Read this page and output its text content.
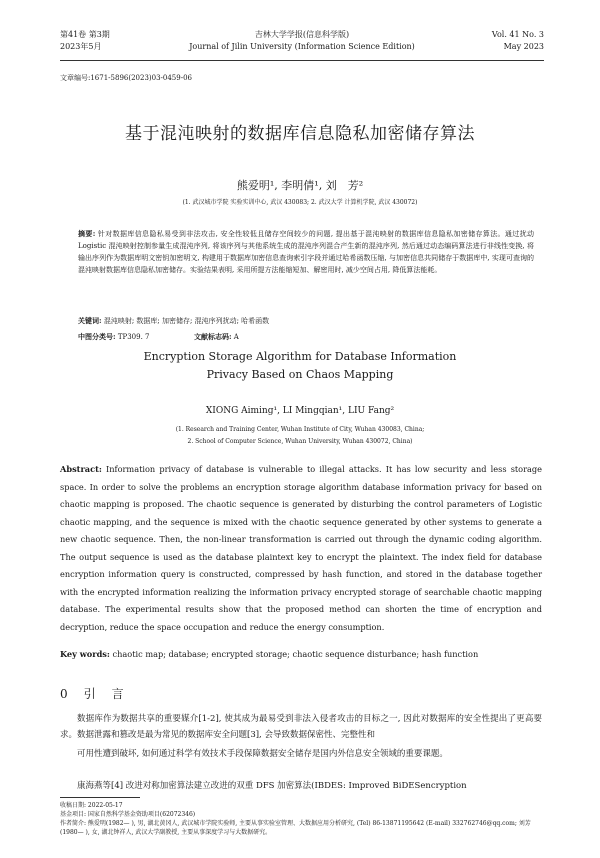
第41卷 第3期
2023年5月
吉林大学学报(信息科学版)
Journal of Jilin University (Information Science Edition)
Vol. 41 No. 3
May 2023
文章编号:1671-5896(2023)03-0459-06
基于混沌映射的数据库信息隐私加密储存算法
熊爱明¹, 李明倩¹, 刘　芳²
(1. 武汉城市学院 实验实训中心, 武汉 430083; 2. 武汉大学 计算机学院, 武汉 430072)
摘要: 针对数据库信息隐私易受到非法攻击, 安全性较低且储存空间较少的问题, 提出基于混沌映射的数据库信息隐私加密储存算法。通过扰动 Logistic 混沌映射控制参量生成混沌序列, 将该序列与其他系统生成的混沌序列混合产生新的混沌序列, 然后通过动态编码算法进行非线性变换, 将输出序列作为数据库明文密钥加密明文, 构建用于数据库加密信息查询索引字段并通过哈希函数压缩, 与加密信息共同储存于数据库中, 实现可查询的混沌映射数据库信息隐私加密储存。实验结果表明, 采用所提方法能缩短加、解密用时, 减少空间占用, 降低算法能耗。
关键词: 混沌映射; 数据库; 加密储存; 混沌序列扰动; 哈希函数
中图分类号: TP309. 7	文献标志码: A
Encryption Storage Algorithm for Database Information
Privacy Based on Chaos Mapping
XIONG Aiming¹, LI Mingqian¹, LIU Fang²
(1. Research and Training Center, Wuhan Institute of City, Wuhan 430083, China;
2. School of Computer Science, Wuhan University, Wuhan 430072, China)
Abstract: Information privacy of database is vulnerable to illegal attacks. It has low security and less storage space. In order to solve the problems an encryption storage algorithm database information privacy for based on chaotic mapping is proposed. The chaotic sequence is generated by disturbing the control parameters of Logistic chaotic mapping, and the sequence is mixed with the chaotic sequence generated by other systems to generate a new chaotic sequence. Then, the non-linear transformation is carried out through the dynamic coding algorithm. The output sequence is used as the database plaintext key to encrypt the plaintext. The index field for database encryption information query is constructed, compressed by hash function, and stored in the database together with the encrypted information realizing the information privacy encrypted storage of searchable chaotic mapping database. The experimental results show that the proposed method can shorten the time of encryption and decryption, reduce the space occupation and reduce the energy consumption.
Key words: chaotic map; database; encrypted storage; chaotic sequence disturbance; hash function
0 引　言
数据库作为数据共享的重要媒介[1-2], 使其成为最易受到非法入侵者攻击的目标之一, 因此对数据库的安全性提出了更高要求。数据泄露和篡改是最为常见的数据库安全问题[3], 会导致数据保密性、完整性和
可用性遭到破坏, 如何通过科学有效技术手段保障数据安全储存是国内外信息安全领域的重要课题。
康海燕等[4] 改进对称加密算法建立改进的双重 DFS 加密算法(IBDES: Improved BiDESencryption
收稿日期: 2022-05-17
基金项目: 国家自然科学基金资助项目(62072346)
作者简介: 熊爱明(1982— ), 男, 湖北黄冈人, 武汉城市学院实验师, 主要从事实验室管理、大数据应用分析研究, (Tel) 86-13871195642 (E-mail) 332762746@qq.com; 刘芳(1980— ), 女, 湖北钟祥人, 武汉大学副教授, 主要从事深度学习与大数据研究。
